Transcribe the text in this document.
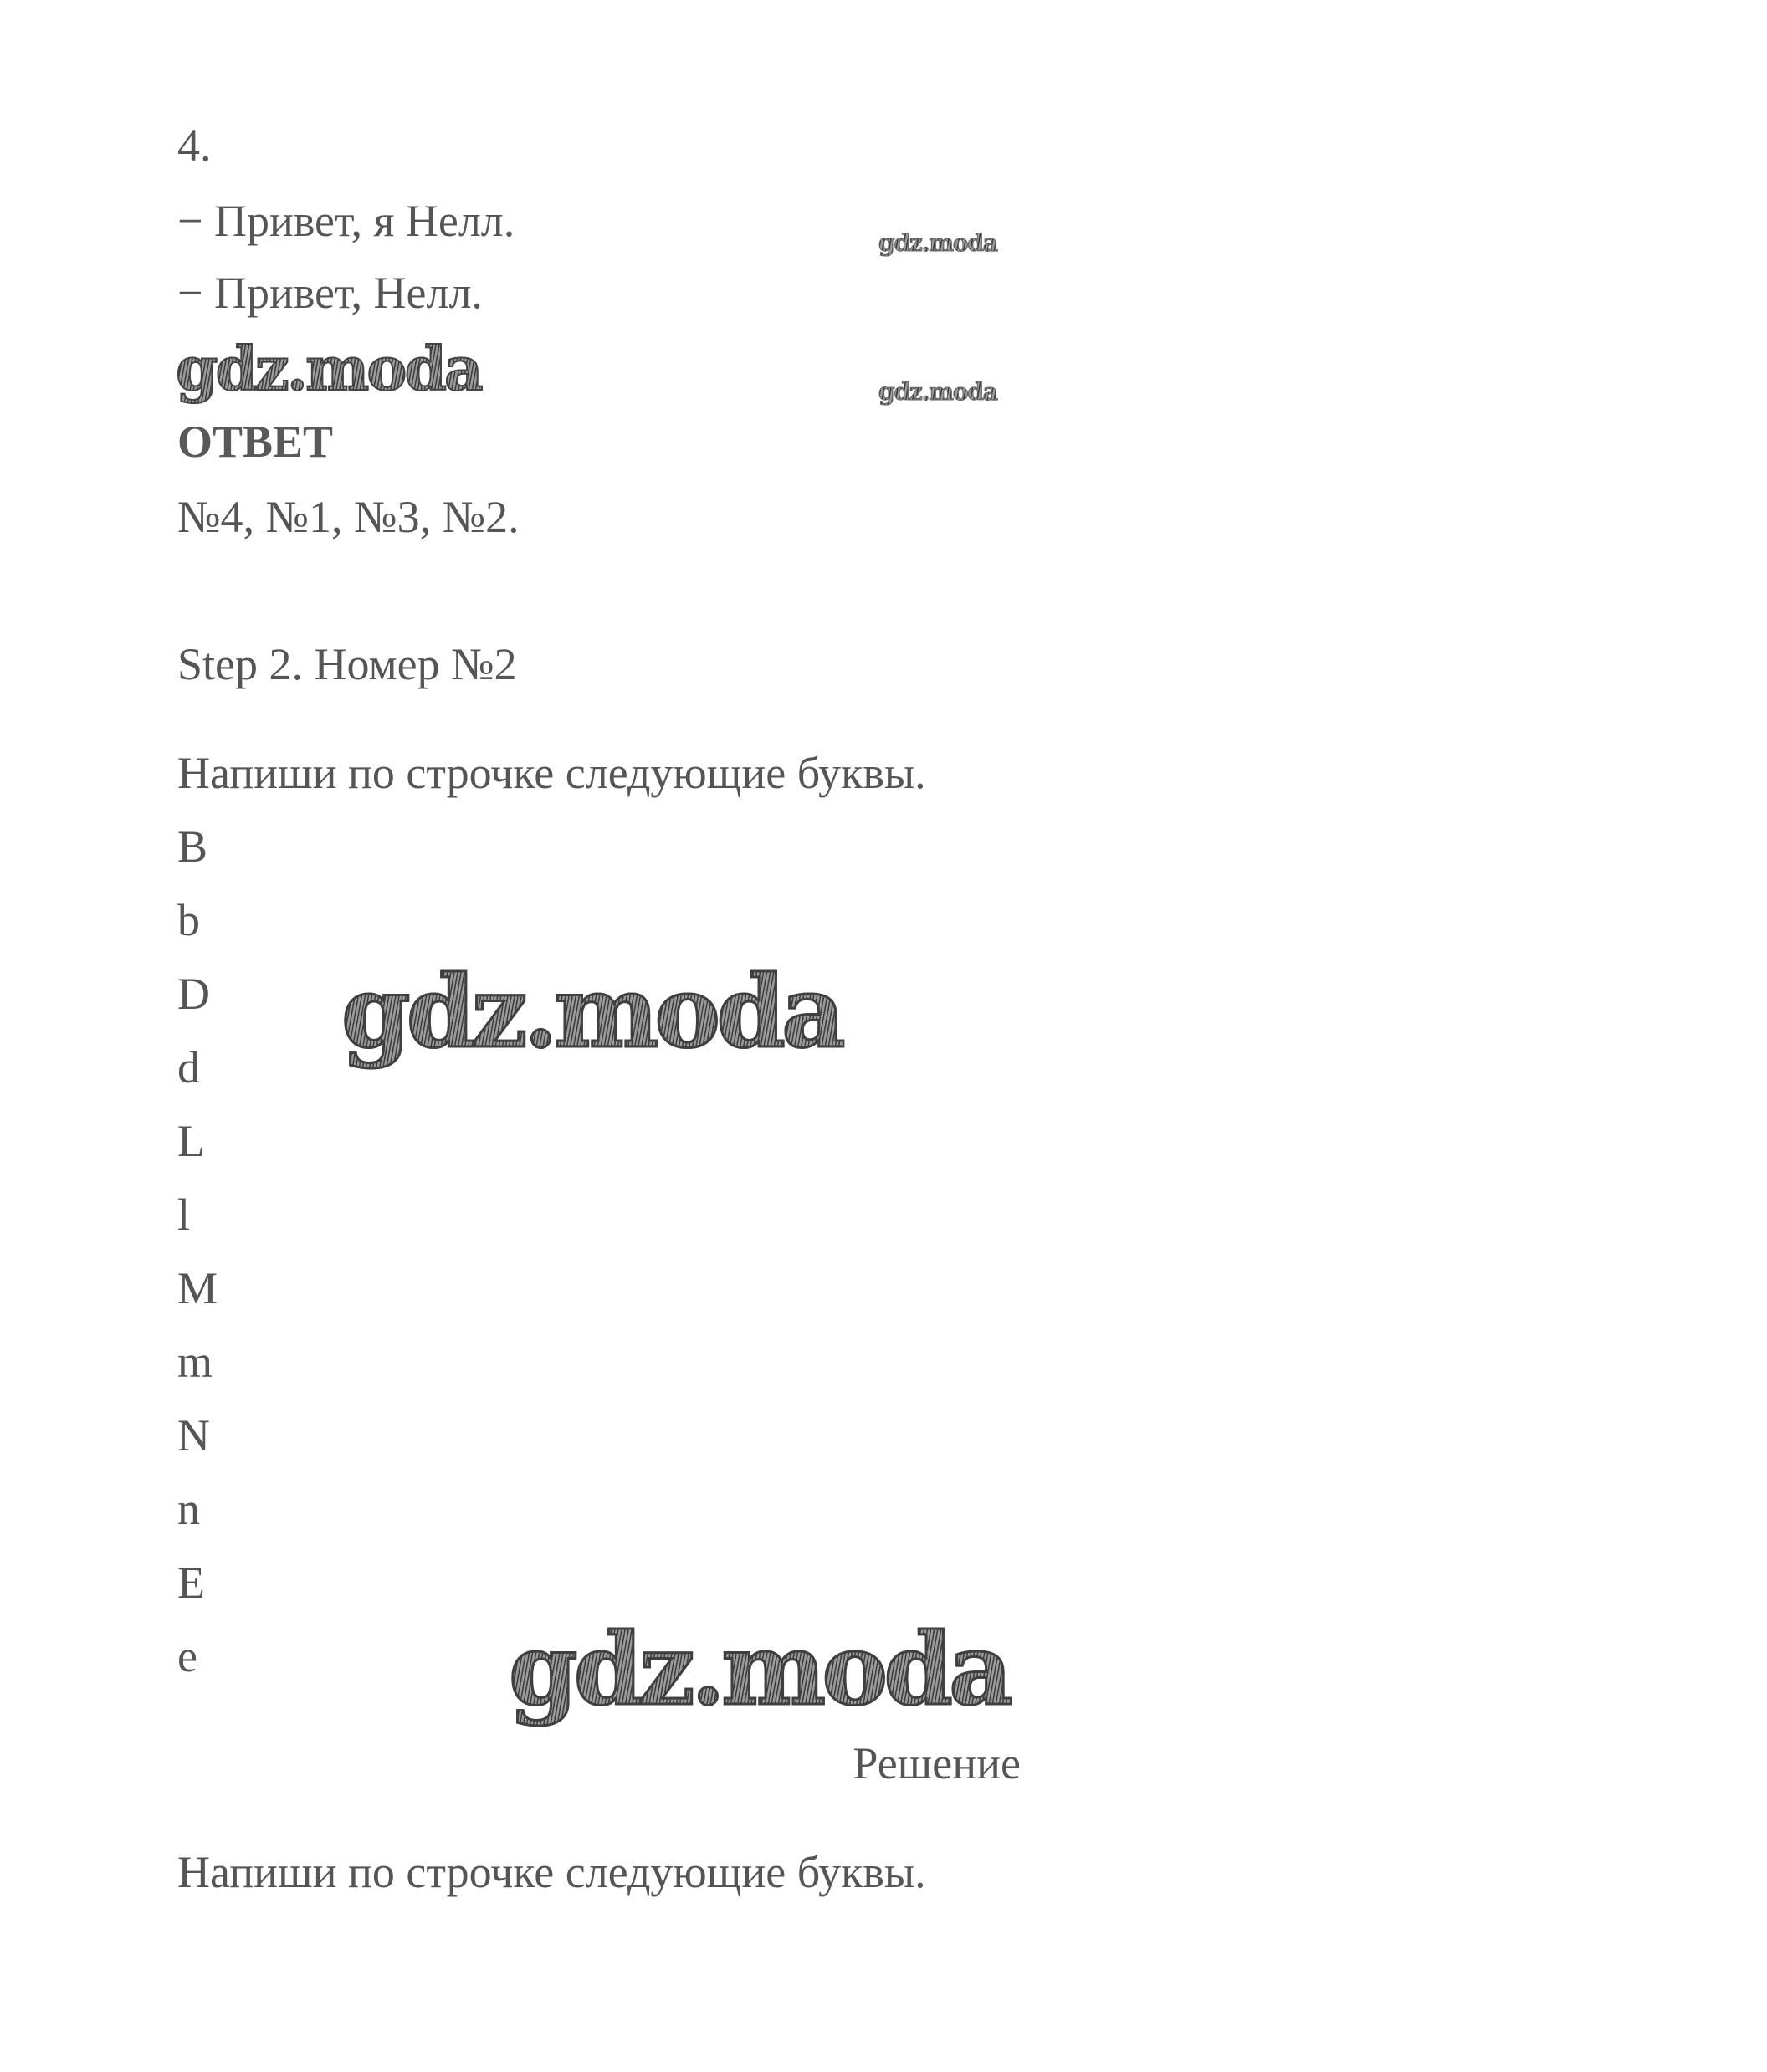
4.
− Привет, я Нелл.
− Привет, Нелл.
gdz.moda
gdz.moda	gdz.moda
ОТВЕТ
№4, №1, №3, №2.
Step 2. Номер №2
Напиши по строчке следующие буквы.
B
b
D
d
L
l
M
m
N
n
E
e
gdz.moda
gdz.moda
Решение
Напиши по строчке следующие буквы.
